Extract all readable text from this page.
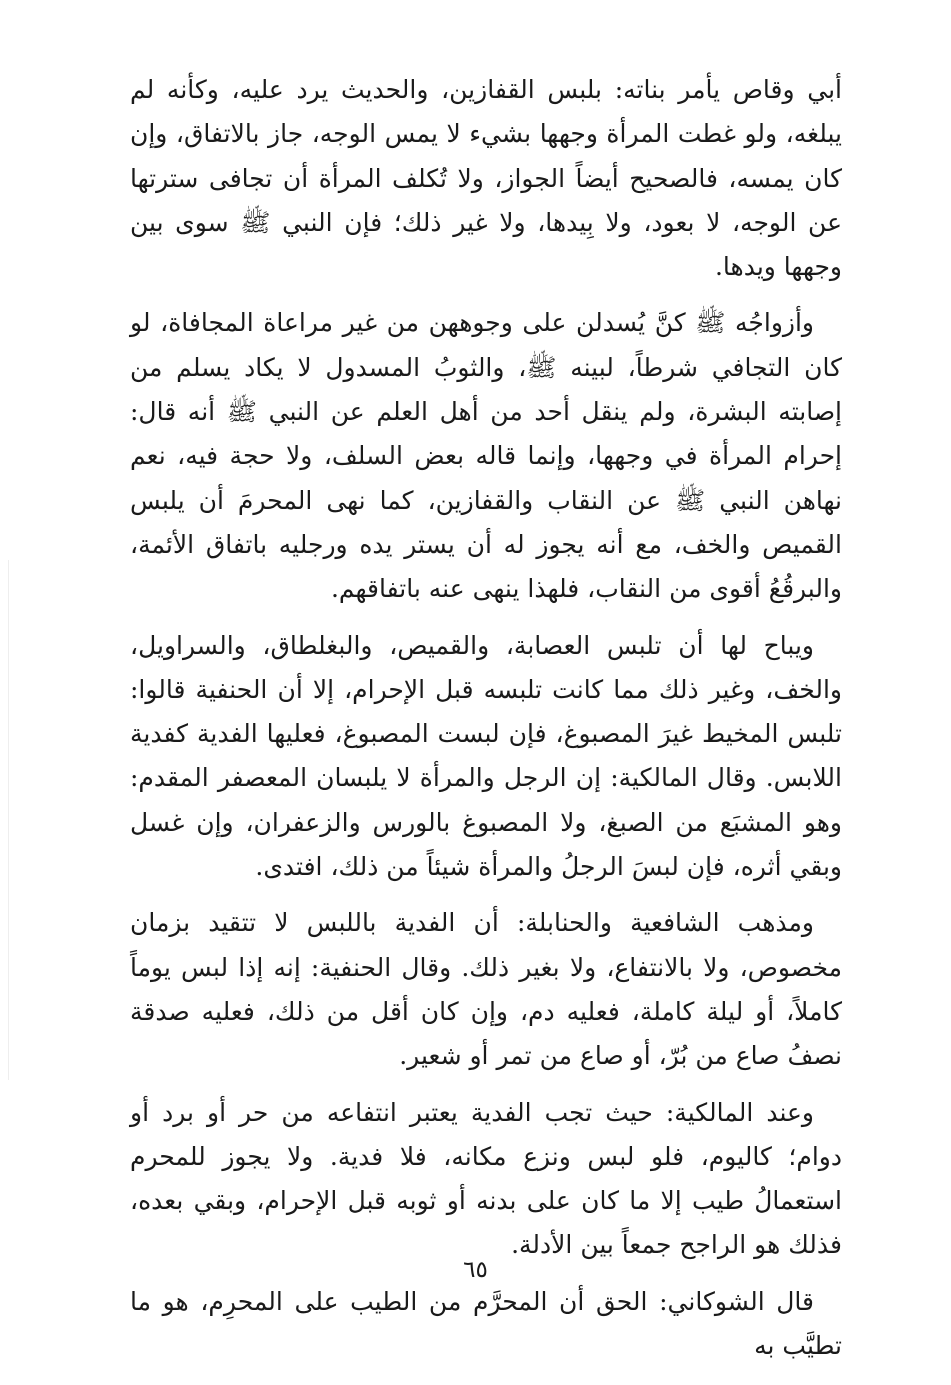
أبي وقاص يأمر بناته: بلبس القفازين، والحديث يرد عليه، وكأنه لم يبلغه، ولو غطت المرأة وجهها بشيء لا يمس الوجه، جاز بالاتفاق، وإن كان يمسه، فالصحيح أيضاً الجواز، ولا تُكلف المرأة أن تجافى سترتها عن الوجه، لا بعود، ولا بِيدها، ولا غير ذلك؛ فإن النبي ﷺ سوى بين وجهها ويدها.

وأزواجُه ﷺ كنَّ يُسدلن على وجوههن من غير مراعاة المجافاة، لو كان التجافي شرطاً، لبينه ﷺ، والثوبُ المسدول لا يكاد يسلم من إصابته البشرة، ولم ينقل أحد من أهل العلم عن النبي ﷺ أنه قال: إحرام المرأة في وجهها، وإنما قاله بعض السلف، ولا حجة فيه، نعم نهاهن النبي ﷺ عن النقاب والقفازين، كما نهى المحرمَ أن يلبس القميص والخف، مع أنه يجوز له أن يستر يده ورجليه باتفاق الأئمة، والبرقُعُ أقوى من النقاب، فلهذا ينهى عنه باتفاقهم.

ويباح لها أن تلبس العصابة، والقميص، والبغلطاق، والسراويل، والخف، وغير ذلك مما كانت تلبسه قبل الإحرام، إلا أن الحنفية قالوا: تلبس المخيط غيرَ المصبوغ، فإن لبست المصبوغ، فعليها الفدية كفدية اللابس. وقال المالكية: إن الرجل والمرأة لا يلبسان المعصفر المقدم: وهو المشبَع من الصبغ، ولا المصبوغ بالورس والزعفران، وإن غسل وبقي أثره، فإن لبسَ الرجلُ والمرأة شيئاً من ذلك، افتدى.

ومذهب الشافعية والحنابلة: أن الفدية باللبس لا تتقيد بزمان مخصوص، ولا بالانتفاع، ولا بغير ذلك. وقال الحنفية: إنه إذا لبس يوماً كاملاً، أو ليلة كاملة، فعليه دم، وإن كان أقل من ذلك، فعليه صدقة نصفُ صاع من بُرّ، أو صاع من تمر أو شعير.

وعند المالكية: حيث تجب الفدية يعتبر انتفاعه من حر أو برد أو دوام؛ كاليوم، فلو لبس ونزع مكانه، فلا فدية. ولا يجوز للمحرم استعمالُ طيب إلا ما كان على بدنه أو ثوبه قبل الإحرام، وبقي بعده، فذلك هو الراجح جمعاً بين الأدلة.

قال الشوكاني: الحق أن المحرَّم من الطيب على المحرِم، هو ما تطيَّب به

٦٥
